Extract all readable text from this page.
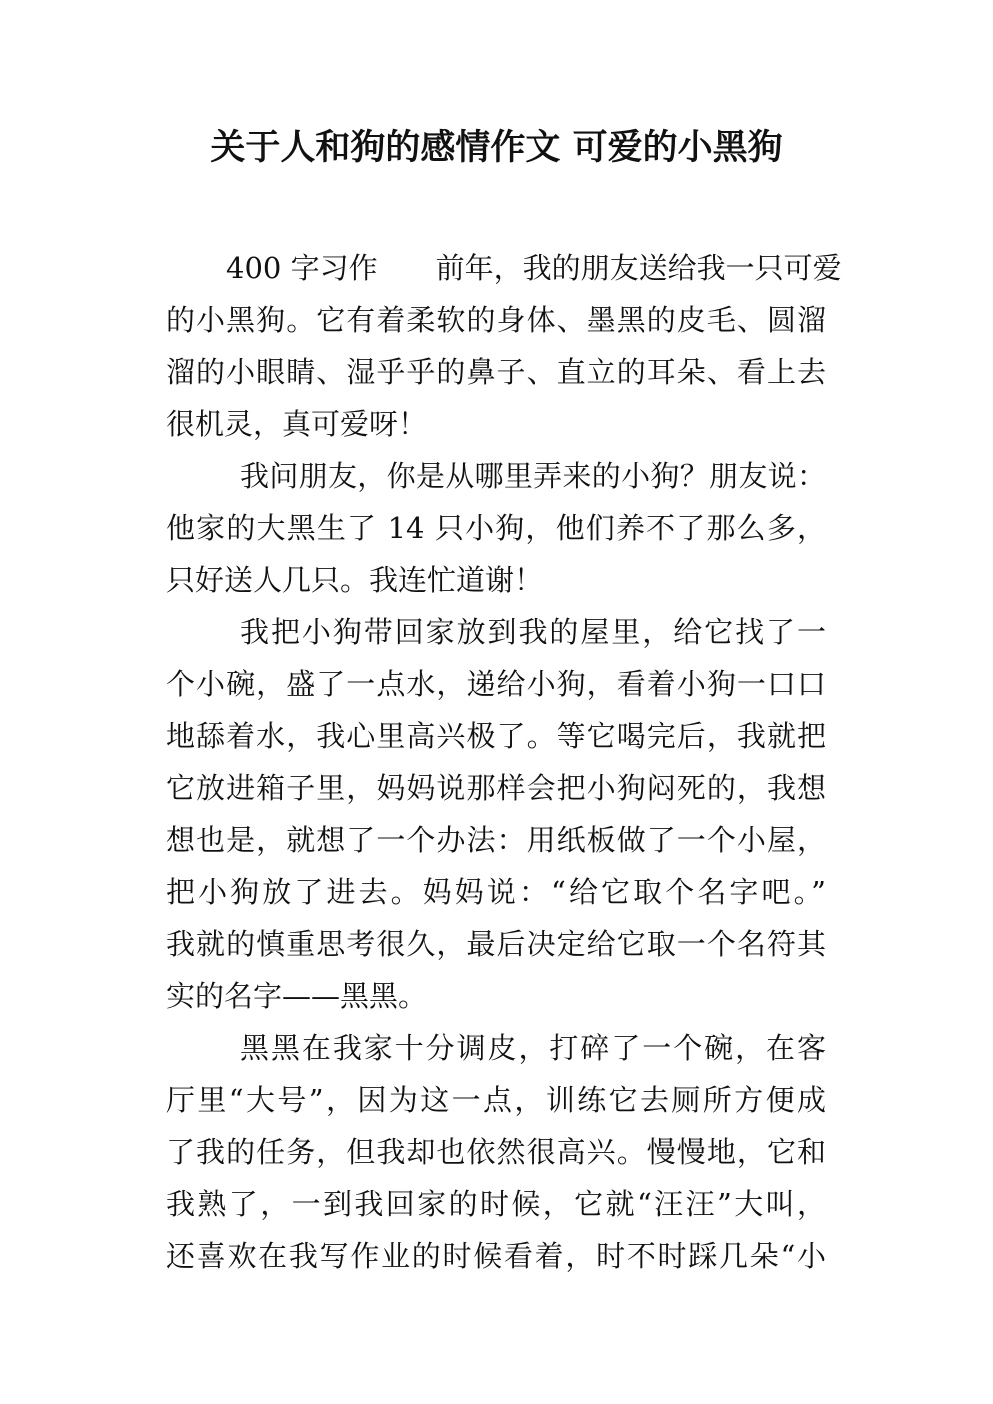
关于人和狗的感情作文 可爱的小黑狗
400 字习作　　前年，我的朋友送给我一只可爱
的小黑狗。它有着柔软的身体、墨黑的皮毛、圆溜
溜的小眼睛、湿乎乎的鼻子、直立的耳朵、看上去
很机灵，真可爱呀！
我问朋友，你是从哪里弄来的小狗？朋友说：
他家的大黑生了 14 只小狗，他们养不了那么多，
只好送人几只。我连忙道谢！
我把小狗带回家放到我的屋里，给它找了一
个小碗，盛了一点水，递给小狗，看着小狗一口口
地舔着水，我心里高兴极了。等它喝完后，我就把
它放进箱子里，妈妈说那样会把小狗闷死的，我想
想也是，就想了一个办法：用纸板做了一个小屋，
把小狗放了进去。妈妈说：“给它取个名字吧。”
我就的慎重思考很久，最后决定给它取一个名符其
实的名字——黑黑。
黑黑在我家十分调皮，打碎了一个碗，在客
厅里“大号”，因为这一点，训练它去厕所方便成
了我的任务，但我却也依然很高兴。慢慢地，它和
我熟了，一到我回家的时候，它就“汪汪”大叫，
还喜欢在我写作业的时候看着，时不时踩几朵“小
